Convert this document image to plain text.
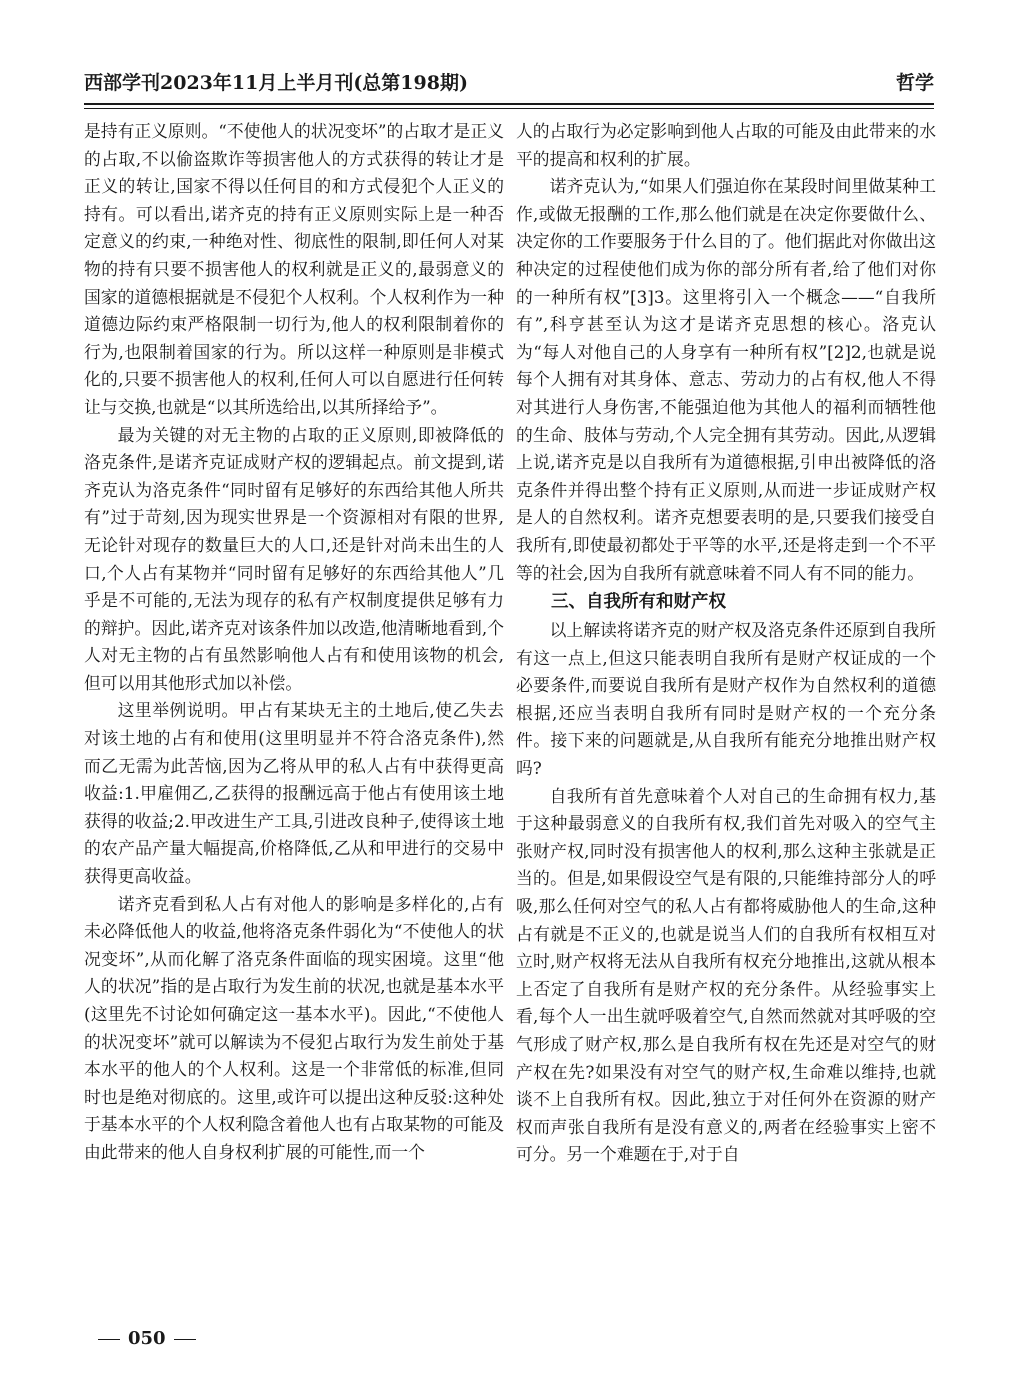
西部学刊2023年11月上半月刊(总第198期)	哲学

是持有正义原则。“不使他人的状况变坏”的占取才是正义的占取,不以偷盗欺诈等损害他人的方式获得的转让才是正义的转让,国家不得以任何目的和方式侵犯个人正义的持有。可以看出,诺齐克的持有正义原则实际上是一种否定意义的约束,一种绝对性、彻底性的限制,即任何人对某物的持有只要不损害他人的权利就是正义的,最弱意义的国家的道德根据就是不侵犯个人权利。个人权利作为一种道德边际约束严格限制一切行为,他人的权利限制着你的行为,也限制着国家的行为。所以这样一种原则是非模式化的,只要不损害他人的权利,任何人可以自愿进行任何转让与交换,也就是“以其所选给出,以其所择给予”。

最为关键的对无主物的占取的正义原则,即被降低的洛克条件,是诺齐克证成财产权的逻辑起点。前文提到,诺齐克认为洛克条件“同时留有足够好的东西给其他人所共有”过于苛刻,因为现实世界是一个资源相对有限的世界,无论针对现存的数量巨大的人口,还是针对尚未出生的人口,个人占有某物并“同时留有足够好的东西给其他人”几乎是不可能的,无法为现存的私有产权制度提供足够有力的辩护。因此,诺齐克对该条件加以改造,他清晰地看到,个人对无主物的占有虽然影响他人占有和使用该物的机会,但可以用其他形式加以补偿。

这里举例说明。甲占有某块无主的土地后,使乙失去对该土地的占有和使用(这里明显并不符合洛克条件),然而乙无需为此苦恼,因为乙将从甲的私人占有中获得更高收益:1.甲雇佣乙,乙获得的报酬远高于他占有使用该土地获得的收益;2.甲改进生产工具,引进改良种子,使得该土地的农产品产量大幅提高,价格降低,乙从和甲进行的交易中获得更高收益。

诺齐克看到私人占有对他人的影响是多样化的,占有未必降低他人的收益,他将洛克条件弱化为“不使他人的状况变坏”,从而化解了洛克条件面临的现实困境。这里“他人的状况”指的是占取行为发生前的状况,也就是基本水平(这里先不讨论如何确定这一基本水平)。因此,“不使他人的状况变坏”就可以解读为不侵犯占取行为发生前处于基本水平的他人的个人权利。这是一个非常低的标准,但同时也是绝对彻底的。这里,或许可以提出这种反驳:这种处于基本水平的个人权利隐含着他人也有占取某物的可能及由此带来的他人自身权利扩展的可能性,而一个

人的占取行为必定影响到他人占取的可能及由此带来的水平的提高和权利的扩展。

诺齐克认为,“如果人们强迫你在某段时间里做某种工作,或做无报酬的工作,那么他们就是在决定你要做什么、决定你的工作要服务于什么目的了。他们据此对你做出这种决定的过程使他们成为你的部分所有者,给了他们对你的一种所有权”[3]3。这里将引入一个概念——“自我所有”,科亨甚至认为这才是诺齐克思想的核心。洛克认为“每人对他自己的人身享有一种所有权”[2]2,也就是说每个人拥有对其身体、意志、劳动力的占有权,他人不得对其进行人身伤害,不能强迫他为其他人的福利而牺牲他的生命、肢体与劳动,个人完全拥有其劳动。因此,从逻辑上说,诺齐克是以自我所有为道德根据,引申出被降低的洛克条件并得出整个持有正义原则,从而进一步证成财产权是人的自然权利。诺齐克想要表明的是,只要我们接受自我所有,即使最初都处于平等的水平,还是将走到一个不平等的社会,因为自我所有就意味着不同人有不同的能力。

三、自我所有和财产权

以上解读将诺齐克的财产权及洛克条件还原到自我所有这一点上,但这只能表明自我所有是财产权证成的一个必要条件,而要说自我所有是财产权作为自然权利的道德根据,还应当表明自我所有同时是财产权的一个充分条件。接下来的问题就是,从自我所有能充分地推出财产权吗?

自我所有首先意味着个人对自己的生命拥有权力,基于这种最弱意义的自我所有权,我们首先对吸入的空气主张财产权,同时没有损害他人的权利,那么这种主张就是正当的。但是,如果假设空气是有限的,只能维持部分人的呼吸,那么任何对空气的私人占有都将威胁他人的生命,这种占有就是不正义的,也就是说当人们的自我所有权相互对立时,财产权将无法从自我所有权充分地推出,这就从根本上否定了自我所有是财产权的充分条件。从经验事实上看,每个人一出生就呼吸着空气,自然而然就对其呼吸的空气形成了财产权,那么是自我所有权在先还是对空气的财产权在先?如果没有对空气的财产权,生命难以维持,也就谈不上自我所有权。因此,独立于对任何外在资源的财产权而声张自我所有是没有意义的,两者在经验事实上密不可分。另一个难题在于,对于自

050
